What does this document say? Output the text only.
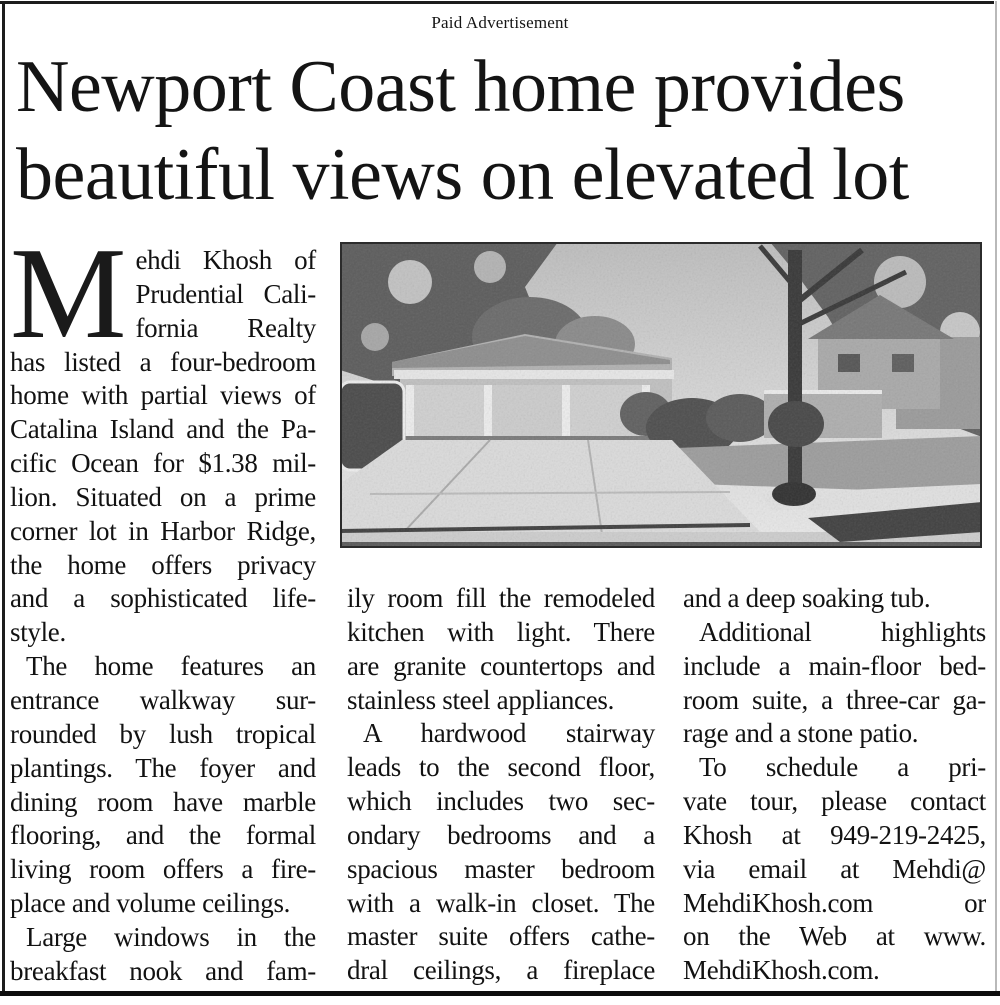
Paid Advertisement
Newport Coast home provides
beautiful views on elevated lot
M ehdi Khosh of
Prudential Cali-
fornia Realty
has listed a four-bedroom
home with partial views of
Catalina Island and the Pa-
cific Ocean for $1.38 mil-
lion. Situated on a prime
corner lot in Harbor Ridge,
the home offers privacy
and a sophisticated life-
style.
The home features an
entrance walkway sur-
rounded by lush tropical
plantings. The foyer and
dining room have marble
flooring, and the formal
living room offers a fire-
place and volume ceilings.
Large windows in the
breakfast nook and fam-
ily room fill the remodeled
kitchen with light. There
are granite countertops and
stainless steel appliances.
A hardwood stairway
leads to the second floor,
which includes two sec-
ondary bedrooms and a
spacious master bedroom
with a walk-in closet. The
master suite offers cathe-
dral ceilings, a fireplace
and a deep soaking tub.
Additional highlights
include a main-floor bed-
room suite, a three-car ga-
rage and a stone patio.
To schedule a pri-
vate tour, please contact
Khosh at 949-219-2425,
via email at Mehdi@
MehdiKhosh.com or
on the Web at www.
MehdiKhosh.com.
